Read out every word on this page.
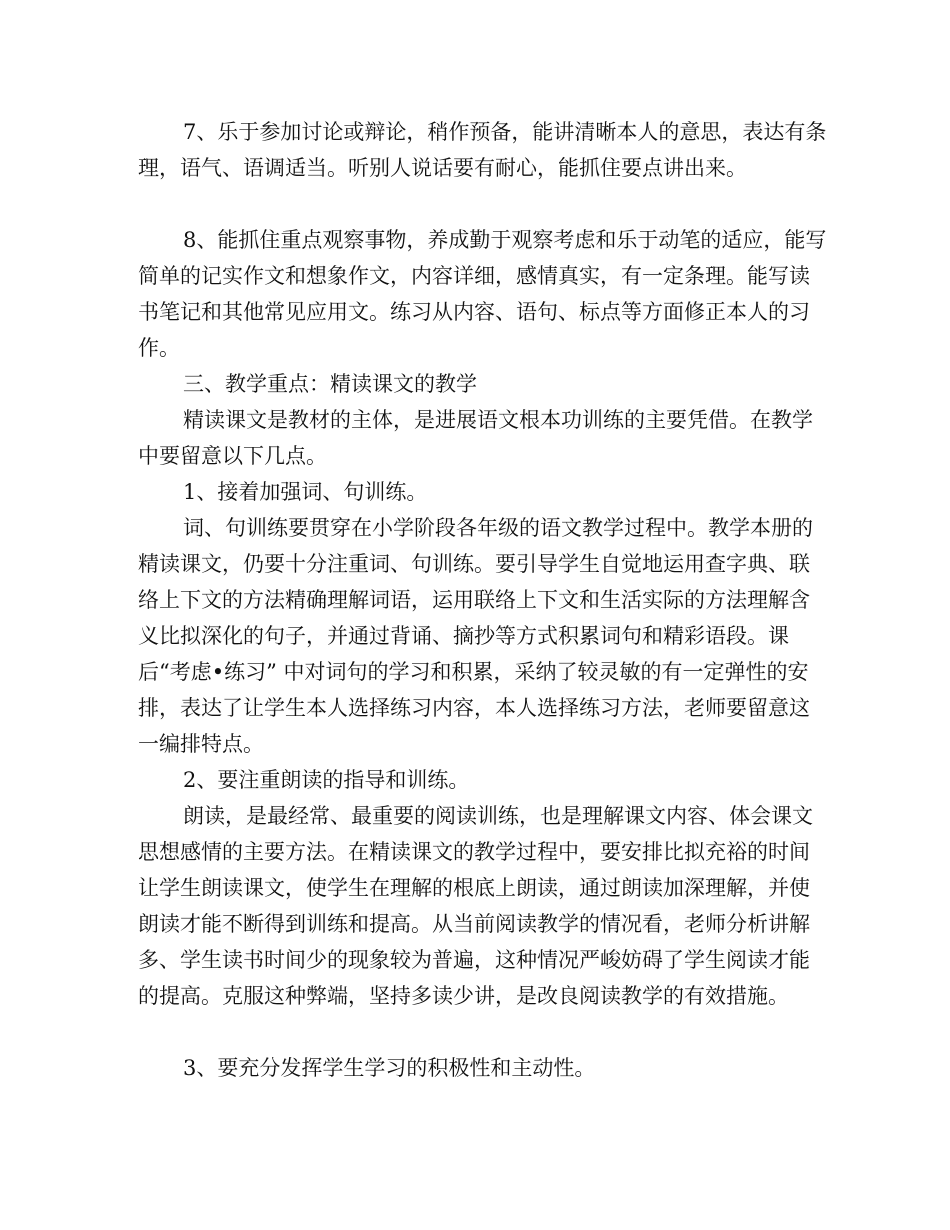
7、乐于参加讨论或辩论，稍作预备，能讲清晰本人的意思，表达有条理，语气、语调适当。听别人说话要有耐心，能抓住要点讲出来。

8、能抓住重点观察事物，养成勤于观察考虑和乐于动笔的适应，能写简单的记实作文和想象作文，内容详细，感情真实，有一定条理。能写读书笔记和其他常见应用文。练习从内容、语句、标点等方面修正本人的习作。

三、教学重点：精读课文的教学

精读课文是教材的主体，是进展语文根本功训练的主要凭借。在教学中要留意以下几点。

1、接着加强词、句训练。

词、句训练要贯穿在小学阶段各年级的语文教学过程中。教学本册的精读课文，仍要十分注重词、句训练。要引导学生自觉地运用查字典、联络上下文的方法精确理解词语，运用联络上下文和生活实际的方法理解含义比拟深化的句子，并通过背诵、摘抄等方式积累词句和精彩语段。课后“考虑•练习” 中对词句的学习和积累，采纳了较灵敏的有一定弹性的安排，表达了让学生本人选择练习内容，本人选择练习方法，老师要留意这一编排特点。

2、要注重朗读的指导和训练。

朗读，是最经常、最重要的阅读训练，也是理解课文内容、体会课文思想感情的主要方法。在精读课文的教学过程中，要安排比拟充裕的时间让学生朗读课文，使学生在理解的根底上朗读，通过朗读加深理解，并使朗读才能不断得到训练和提高。从当前阅读教学的情况看，老师分析讲解多、学生读书时间少的现象较为普遍，这种情况严峻妨碍了学生阅读才能的提高。克服这种弊端，坚持多读少讲，是改良阅读教学的有效措施。

3、要充分发挥学生学习的积极性和主动性。
